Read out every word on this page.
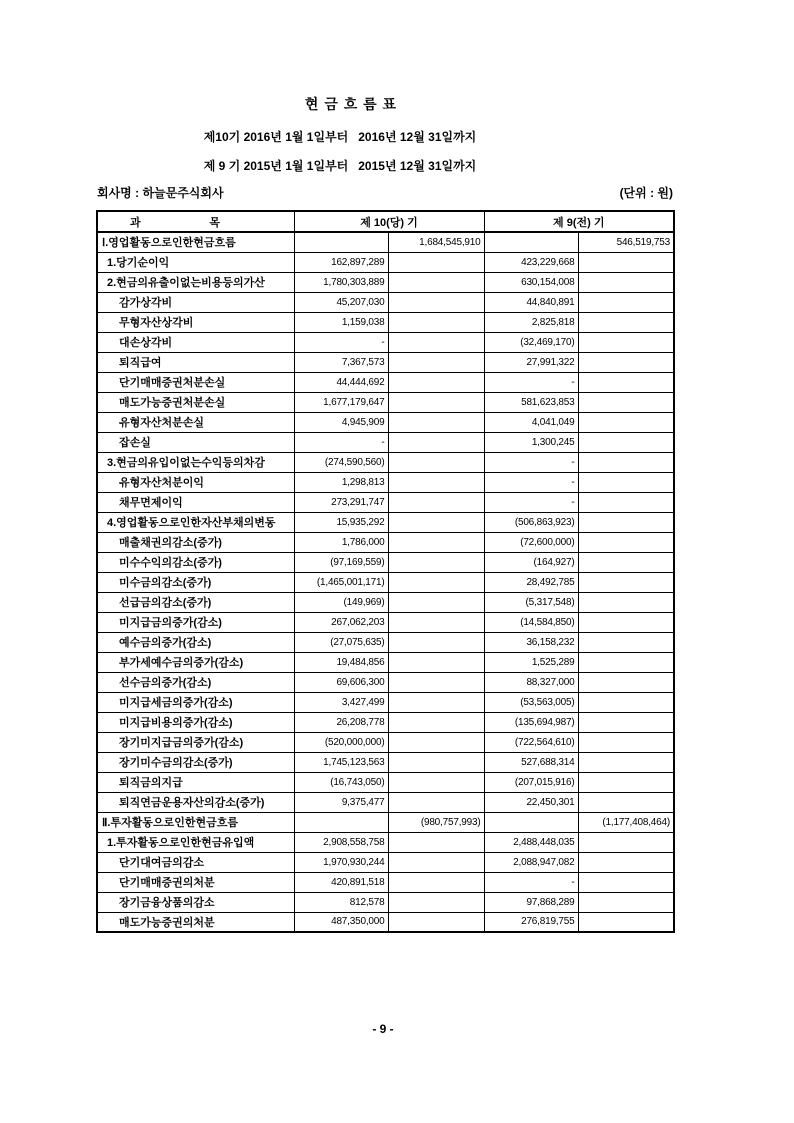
현 금 흐 름 표
제10기 2016년 1월 1일부터   2016년 12월 31일까지
제 9 기 2015년 1월 1일부터   2015년 12월 31일까지
회사명 : 하늘문주식회사	(단위 : 원)
과 목	제 10(당) 기		제 9(전) 기	
Ⅰ.영업활동으로인한현금흐름		1,684,545,910		546,519,753
1.당기순이익	162,897,289		423,229,668	
2.현금의유출이없는비용등의가산	1,780,303,889		630,154,008	
감가상각비	45,207,030		44,840,891	
무형자산상각비	1,159,038		2,825,818	
대손상각비	-		(32,469,170)	
퇴직급여	7,367,573		27,991,322	
단기매매증권처분손실	44,444,692		-	
매도가능증권처분손실	1,677,179,647		581,623,853	
유형자산처분손실	4,945,909		4,041,049	
잡손실	-		1,300,245	
3.현금의유입이없는수익등의차감	(274,590,560)		-	
유형자산처분이익	1,298,813		-	
채무면제이익	273,291,747		-	
4.영업활동으로인한자산부채의변동	15,935,292		(506,863,923)	
매출채권의감소(증가)	1,786,000		(72,600,000)	
미수수익의감소(증가)	(97,169,559)		(164,927)	
미수금의감소(증가)	(1,465,001,171)		28,492,785	
선급금의감소(증가)	(149,969)		(5,317,548)	
미지급금의증가(감소)	267,062,203		(14,584,850)	
예수금의증가(감소)	(27,075,635)		36,158,232	
부가세예수금의증가(감소)	19,484,856		1,525,289	
선수금의증가(감소)	69,606,300		88,327,000	
미지급세금의증가(감소)	3,427,499		(53,563,005)	
미지급비용의증가(감소)	26,208,778		(135,694,987)	
장기미지급금의증가(감소)	(520,000,000)		(722,564,610)	
장기미수금의감소(증가)	1,745,123,563		527,688,314	
퇴직금의지급	(16,743,050)		(207,015,916)	
퇴직연금운용자산의감소(증가)	9,375,477		22,450,301	
Ⅱ.투자활동으로인한현금흐름		(980,757,993)		(1,177,408,464)
1.투자활동으로인한현금유입액	2,908,558,758		2,488,448,035	
단기대여금의감소	1,970,930,244		2,088,947,082	
단기매매증권의처분	420,891,518		-	
장기금융상품의감소	812,578		97,868,289	
매도가능증권의처분	487,350,000		276,819,755	
- 9 -
